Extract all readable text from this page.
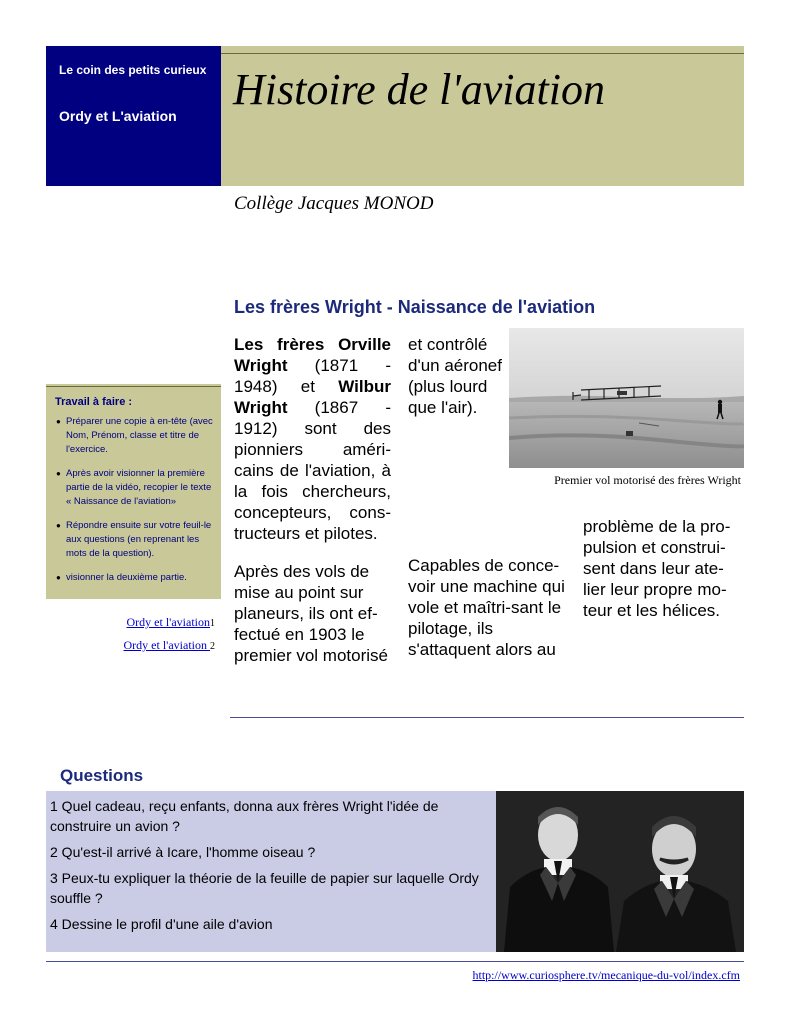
Le coin des petits curieux
Ordy et L'aviation
Histoire de l'aviation
Collège Jacques MONOD
Les frères Wright - Naissance de l'aviation
Les frères Orville Wright (1871 - 1948) et Wilbur Wright (1867 - 1912) sont des pionniers améri-cains de l'aviation, à la fois chercheurs, concepteurs, cons-tructeurs et pilotes.
Après des vols de mise au point sur planeurs, ils ont ef-fectué en 1903 le premier vol motorisé
et contrôlé d'un aéronef (plus lourd que l'air).
Capables de conce-voir une machine qui vole et maîtri-sant le pilotage, ils s'attaquent alors au
problème de la pro-pulsion et construi-sent dans leur ate-lier leur propre mo-teur et les hélices.
Premier vol motorisé des frères Wright
Travail à faire :
● Préparer une copie à en-tête (avec Nom, Prénom, classe et titre de l'exercice.
● Après avoir visionner la première partie de la vidéo, recopier le texte « Naissance de l'aviation»
● Répondre ensuite sur votre feuil-le aux questions (en reprenant les mots de la question).
● visionner la deuxième partie.
Ordy et l'aviation1
Ordy et l'aviation 2
Questions

1 Quel cadeau, reçu enfants, donna aux frères Wright l'idée de construire un avion ?

2 Qu'est-il arrivé à Icare, l'homme oiseau ?

3 Peux-tu expliquer la théorie de la feuille de papier sur laquelle Ordy souffle ?

4 Dessine le profil d'une aile d'avion

http://www.curiosphere.tv/mecanique-du-vol/index.cfm
